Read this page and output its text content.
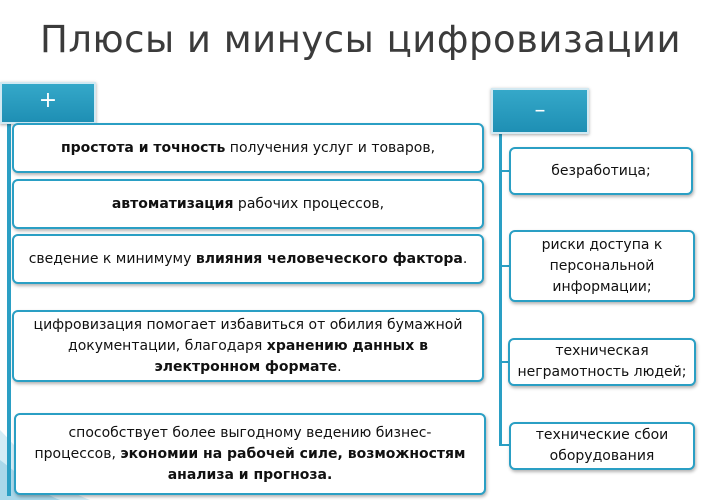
Плюсы и минусы цифровизации
+	–
простота и точность получения услуг и товаров,
автоматизация рабочих процессов,
сведение к минимуму влияния человеческого фактора.
цифровизация помогает избавиться от обилия бумажной документации, благодаря хранению данных в электронном формате.
способствует более выгодному ведению бизнес-процессов, экономии на рабочей силе, возможностям анализа и прогноза.
безработица;
риски доступа к персональной информации;
техническая неграмотность людей;
технические сбои оборудования
